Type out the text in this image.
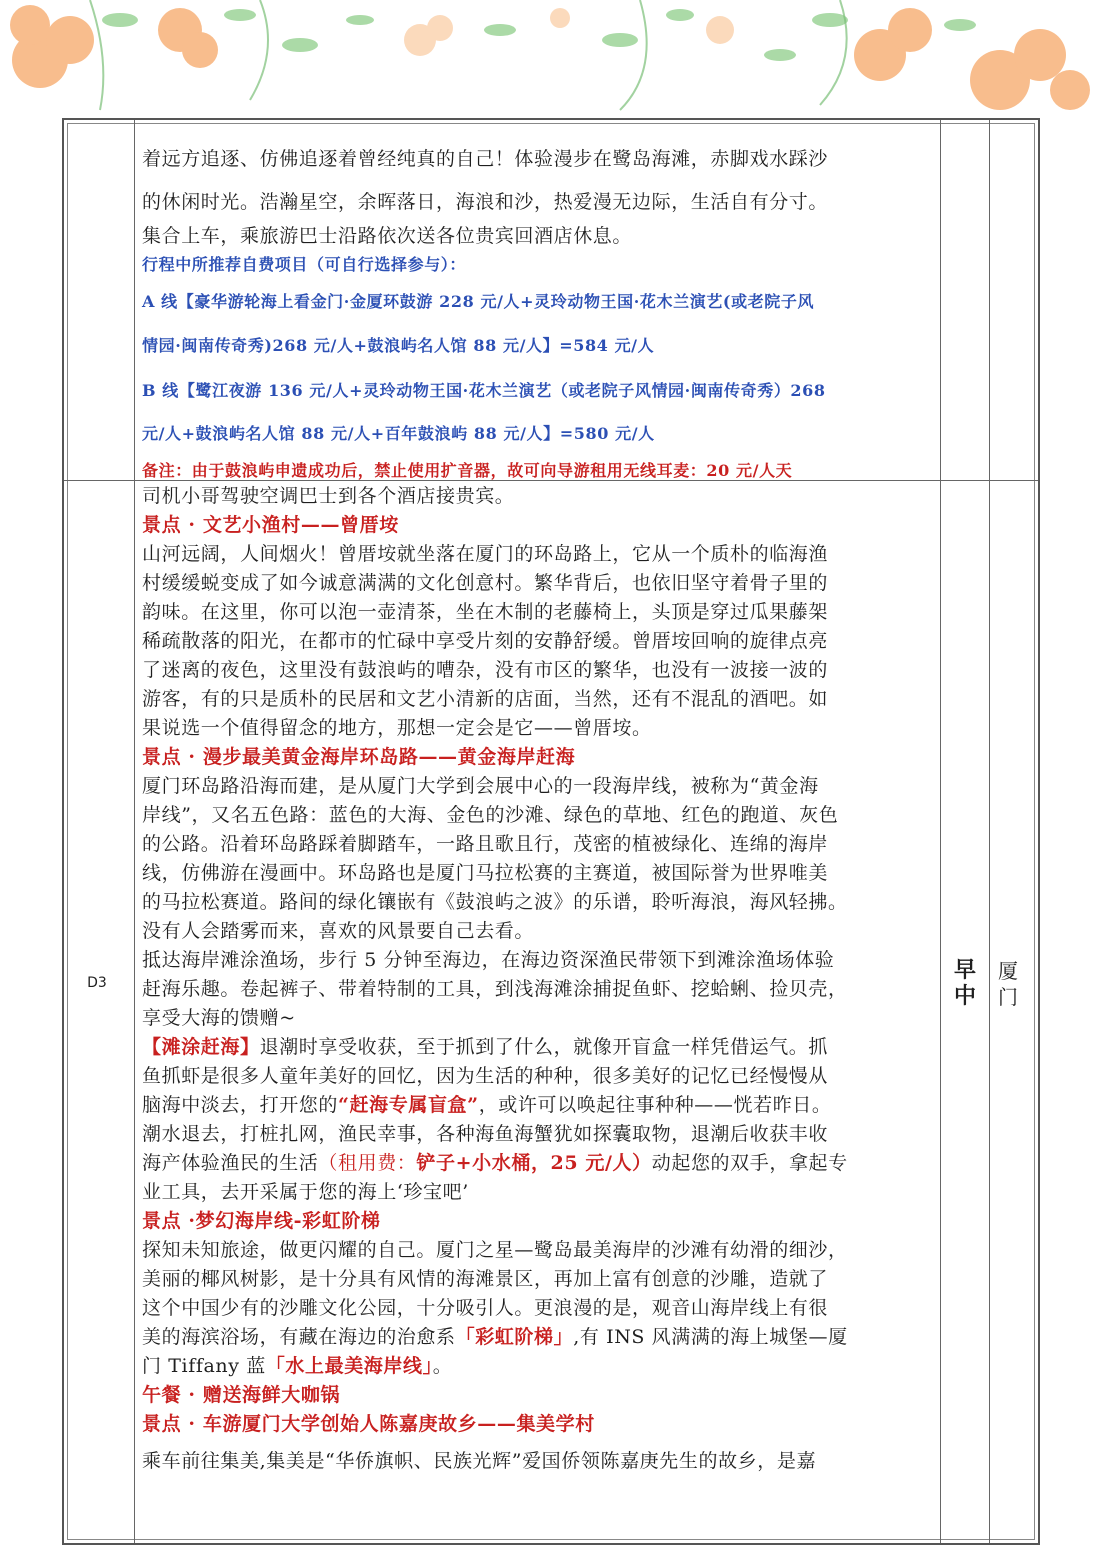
着远方追逐、仿佛追逐着曾经纯真的自己！体验漫步在鹭岛海滩，赤脚戏水踩沙

的休闲时光。浩瀚星空，余晖落日，海浪和沙，热爱漫无边际，生活自有分寸。

集合上车，乘旅游巴士沿路依次送各位贵宾回酒店休息。

行程中所推荐自费项目（可自行选择参与）：

A 线【豪华游轮海上看金门·金厦环鼓游 228 元/人+灵玲动物王国·花木兰演艺(或老院子风

情园·闽南传奇秀)268 元/人+鼓浪屿名人馆 88 元/人】=584 元/人

B 线【鹭江夜游 136 元/人+灵玲动物王国·花木兰演艺（或老院子风情园·闽南传奇秀）268

元/人+鼓浪屿名人馆 88 元/人+百年鼓浪屿 88 元/人】=580 元/人

备注：由于鼓浪屿申遗成功后，禁止使用扩音器，故可向导游租用无线耳麦：20 元/人天

D3	早
中
厦
门

司机小哥驾驶空调巴士到各个酒店接贵宾。

景点 · 文艺小渔村——曾厝垵

山河远阔，人间烟火！曾厝垵就坐落在厦门的环岛路上，它从一个质朴的临海渔

村缓缓蜕变成了如今诚意满满的文化创意村。繁华背后，也依旧坚守着骨子里的

韵味。在这里，你可以泡一壶清茶，坐在木制的老藤椅上，头顶是穿过瓜果藤架

稀疏散落的阳光，在都市的忙碌中享受片刻的安静舒缓。曾厝垵回响的旋律点亮

了迷离的夜色，这里没有鼓浪屿的嘈杂，没有市区的繁华，也没有一波接一波的

游客，有的只是质朴的民居和文艺小清新的店面，当然，还有不混乱的酒吧。如

果说选一个值得留念的地方，那想一定会是它——曾厝垵。

景点 · 漫步最美黄金海岸环岛路——黄金海岸赶海

厦门环岛路沿海而建，是从厦门大学到会展中心的一段海岸线，被称为“黄金海

岸线”，又名五色路：蓝色的大海、金色的沙滩、绿色的草地、红色的跑道、灰色

的公路。沿着环岛路踩着脚踏车，一路且歌且行，茂密的植被绿化、连绵的海岸

线，仿佛游在漫画中。环岛路也是厦门马拉松赛的主赛道，被国际誉为世界唯美

的马拉松赛道。路间的绿化镶嵌有《鼓浪屿之波》的乐谱，聆听海浪，海风轻拂。

没有人会踏雾而来，喜欢的风景要自己去看。

抵达海岸滩涂渔场，步行 5 分钟至海边，在海边资深渔民带领下到滩涂渔场体验

赶海乐趣。卷起裤子、带着特制的工具，到浅海滩涂捕捉鱼虾、挖蛤蜊、捡贝壳，

享受大海的馈赠~

【滩涂赶海】退潮时享受收获，至于抓到了什么，就像开盲盒一样凭借运气。抓

鱼抓虾是很多人童年美好的回忆，因为生活的种种，很多美好的记忆已经慢慢从

脑海中淡去，打开您的“赶海专属盲盒”，或许可以唤起往事种种——恍若昨日。

潮水退去，打桩扎网，渔民幸事，各种海鱼海蟹犹如探囊取物，退潮后收获丰收

海产体验渔民的生活（租用费：铲子+小水桶，25 元/人）动起您的双手，拿起专

业工具，去开采属于您的海上‘珍宝吧’

景点 ·梦幻海岸线-彩虹阶梯

探知未知旅途，做更闪耀的自己。厦门之星—鹭岛最美海岸的沙滩有幼滑的细沙，

美丽的椰风树影，是十分具有风情的海滩景区，再加上富有创意的沙雕，造就了

这个中国少有的沙雕文化公园，十分吸引人。更浪漫的是，观音山海岸线上有很

美的海滨浴场，有藏在海边的治愈系「彩虹阶梯」,有 INS 风满满的海上城堡—厦

门 Tiffany 蓝「水上最美海岸线」。

午餐 · 赠送海鲜大咖锅

景点 · 车游厦门大学创始人陈嘉庚故乡——集美学村

乘车前往集美,集美是“华侨旗帜、民族光辉”爱国侨领陈嘉庚先生的故乡，是嘉
